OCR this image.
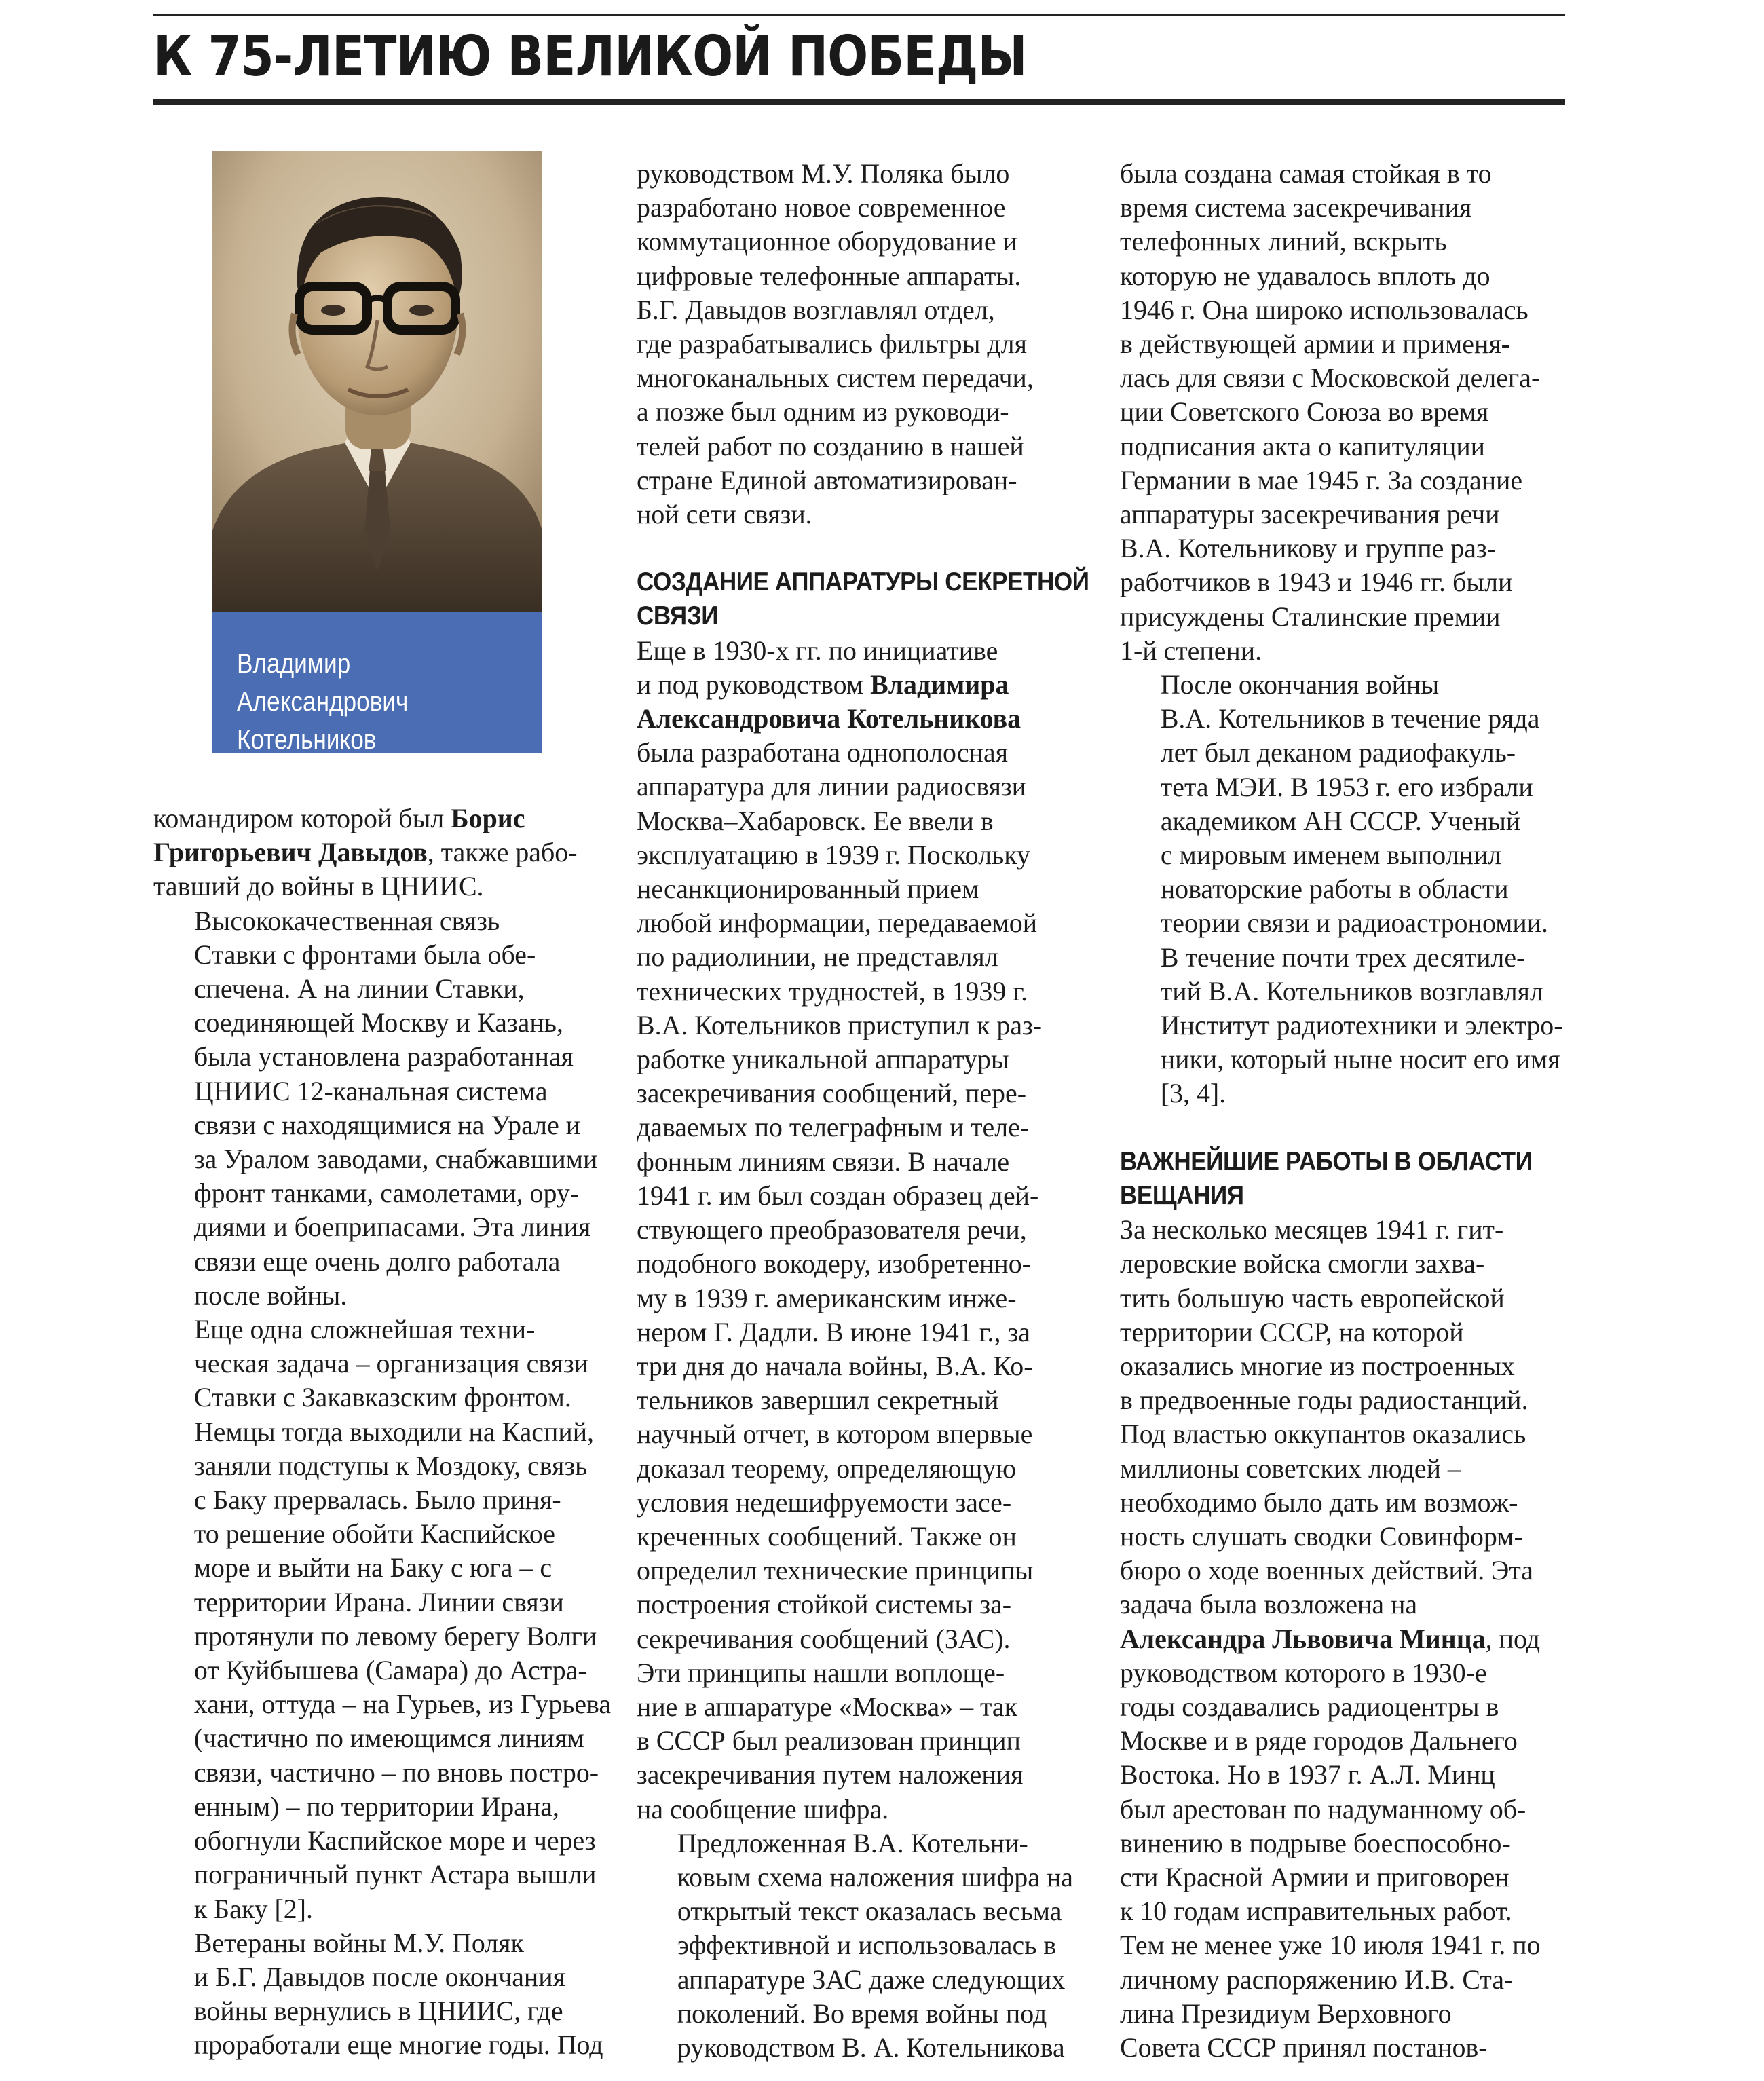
К 75-ЛЕТИЮ ВЕЛИКОЙ ПОБЕДЫ
Владимир Александрович
Котельников

командиром которой был Борис
Григорьевич Давыдов, также рабо-
тавший до войны в ЦНИИС.

Высококачественная связь
Ставки с фронтами была обе-
спечена. А на линии Ставки,
соединяющей Москву и Казань,
была установлена разработанная
ЦНИИС 12-канальная система
связи с находящимися на Урале и
за Уралом заводами, снабжавшими
фронт танками, самолетами, ору-
диями и боеприпасами. Эта линия
связи еще очень долго работала
после войны.

Еще одна сложнейшая техни-
ческая задача – организация связи
Ставки с Закавказским фронтом.
Немцы тогда выходили на Каспий,
заняли подступы к Моздоку, связь
с Баку прервалась. Было приня-
то решение обойти Каспийское
море и выйти на Баку с юга – с
территории Ирана. Линии связи
протянули по левому берегу Волги
от Куйбышева (Самара) до Астра-
хани, оттуда – на Гурьев, из Гурьева
(частично по имеющимся линиям
связи, частично – по вновь постро-
енным) – по территории Ирана,
обогнули Каспийское море и через
пограничный пункт Астара вышли
к Баку [2].

Ветераны войны М.У. Поляк
и Б.Г. Давыдов после окончания
войны вернулись в ЦНИИС, где
проработали еще многие годы. Под

руководством М.У. Поляка было
разработано новое современное
коммутационное оборудование и
цифровые телефонные аппараты.
Б.Г. Давыдов возглавлял отдел,
где разрабатывались фильтры для
многоканальных систем передачи,
а позже был одним из руководи-
телей работ по созданию в нашей
стране Единой автоматизирован-
ной сети связи.

СОЗДАНИЕ АППАРАТУРЫ СЕКРЕТНОЙ
СВЯЗИ

Еще в 1930-х гг. по инициативе
и под руководством Владимира
Александровича Котельникова
была разработана однополосная
аппаратура для линии радиосвязи
Москва–Хабаровск. Ее ввели в
эксплуатацию в 1939 г. Поскольку
несанкционированный прием
любой информации, передаваемой
по радиолинии, не представлял
технических трудностей, в 1939 г.
В.А. Котельников приступил к раз-
работке уникальной аппаратуры
засекречивания сообщений, пере-
даваемых по телеграфным и теле-
фонным линиям связи. В начале
1941 г. им был создан образец дей-
ствующего преобразователя речи,
подобного вокодеру, изобретенно-
му в 1939 г. американским инже-
нером Г. Дадли. В июне 1941 г., за
три дня до начала войны, В.А. Ко-
тельников завершил секретный
научный отчет, в котором впервые
доказал теорему, определяющую
условия недешифруемости засе-
креченных сообщений. Также он
определил технические принципы
построения стойкой системы за-
секречивания сообщений (ЗАС).
Эти принципы нашли воплоще-
ние в аппаратуре «Москва» – так
в СССР был реализован принцип
засекречивания путем наложения
на сообщение шифра.

Предложенная В.А. Котельни-
ковым схема наложения шифра на
открытый текст оказалась весьма
эффективной и использовалась в
аппаратуре ЗАС даже следующих
поколений. Во время войны под
руководством В. А. Котельникова

была создана самая стойкая в то
время система засекречивания
телефонных линий, вскрыть
которую не удавалось вплоть до
1946 г. Она широко использовалась
в действующей армии и применя-
лась для связи с Московской делега-
ции Советского Союза во время
подписания акта о капитуляции
Германии в мае 1945 г. За создание
аппаратуры засекречивания речи
В.А. Котельникову и группе раз-
работчиков в 1943 и 1946 гг. были
присуждены Сталинские премии
1-й степени.

После окончания войны
В.А. Котельников в течение ряда
лет был деканом радиофакуль-
тета МЭИ. В 1953 г. его избрали
академиком АН СССР. Ученый
с мировым именем выполнил
новаторские работы в области
теории связи и радиоастрономии.
В течение почти трех десятиле-
тий В.А. Котельников возглавлял
Институт радиотехники и электро-
ники, который ныне носит его имя
[3, 4].

ВАЖНЕЙШИЕ РАБОТЫ В ОБЛАСТИ
ВЕЩАНИЯ

За несколько месяцев 1941 г. гит-
леровские войска смогли захва-
тить большую часть европейской
территории СССР, на которой
оказались многие из построенных
в предвоенные годы радиостанций.
Под властью оккупантов оказались
миллионы советских людей –
необходимо было дать им возмож-
ность слушать сводки Совинформ-
бюро о ходе военных действий. Эта
задача была возложена на
Александра Львовича Минца, под
руководством которого в 1930-е
годы создавались радиоцентры в
Москве и в ряде городов Дальнего
Востока. Но в 1937 г. А.Л. Минц
был арестован по надуманному об-
винению в подрыве боеспособно-
сти Красной Армии и приговорен
к 10 годам исправительных работ.
Тем не менее уже 10 июля 1941 г. по
личному распоряжению И.В. Ста-
лина Президиум Верховного
Совета СССР принял постанов-
